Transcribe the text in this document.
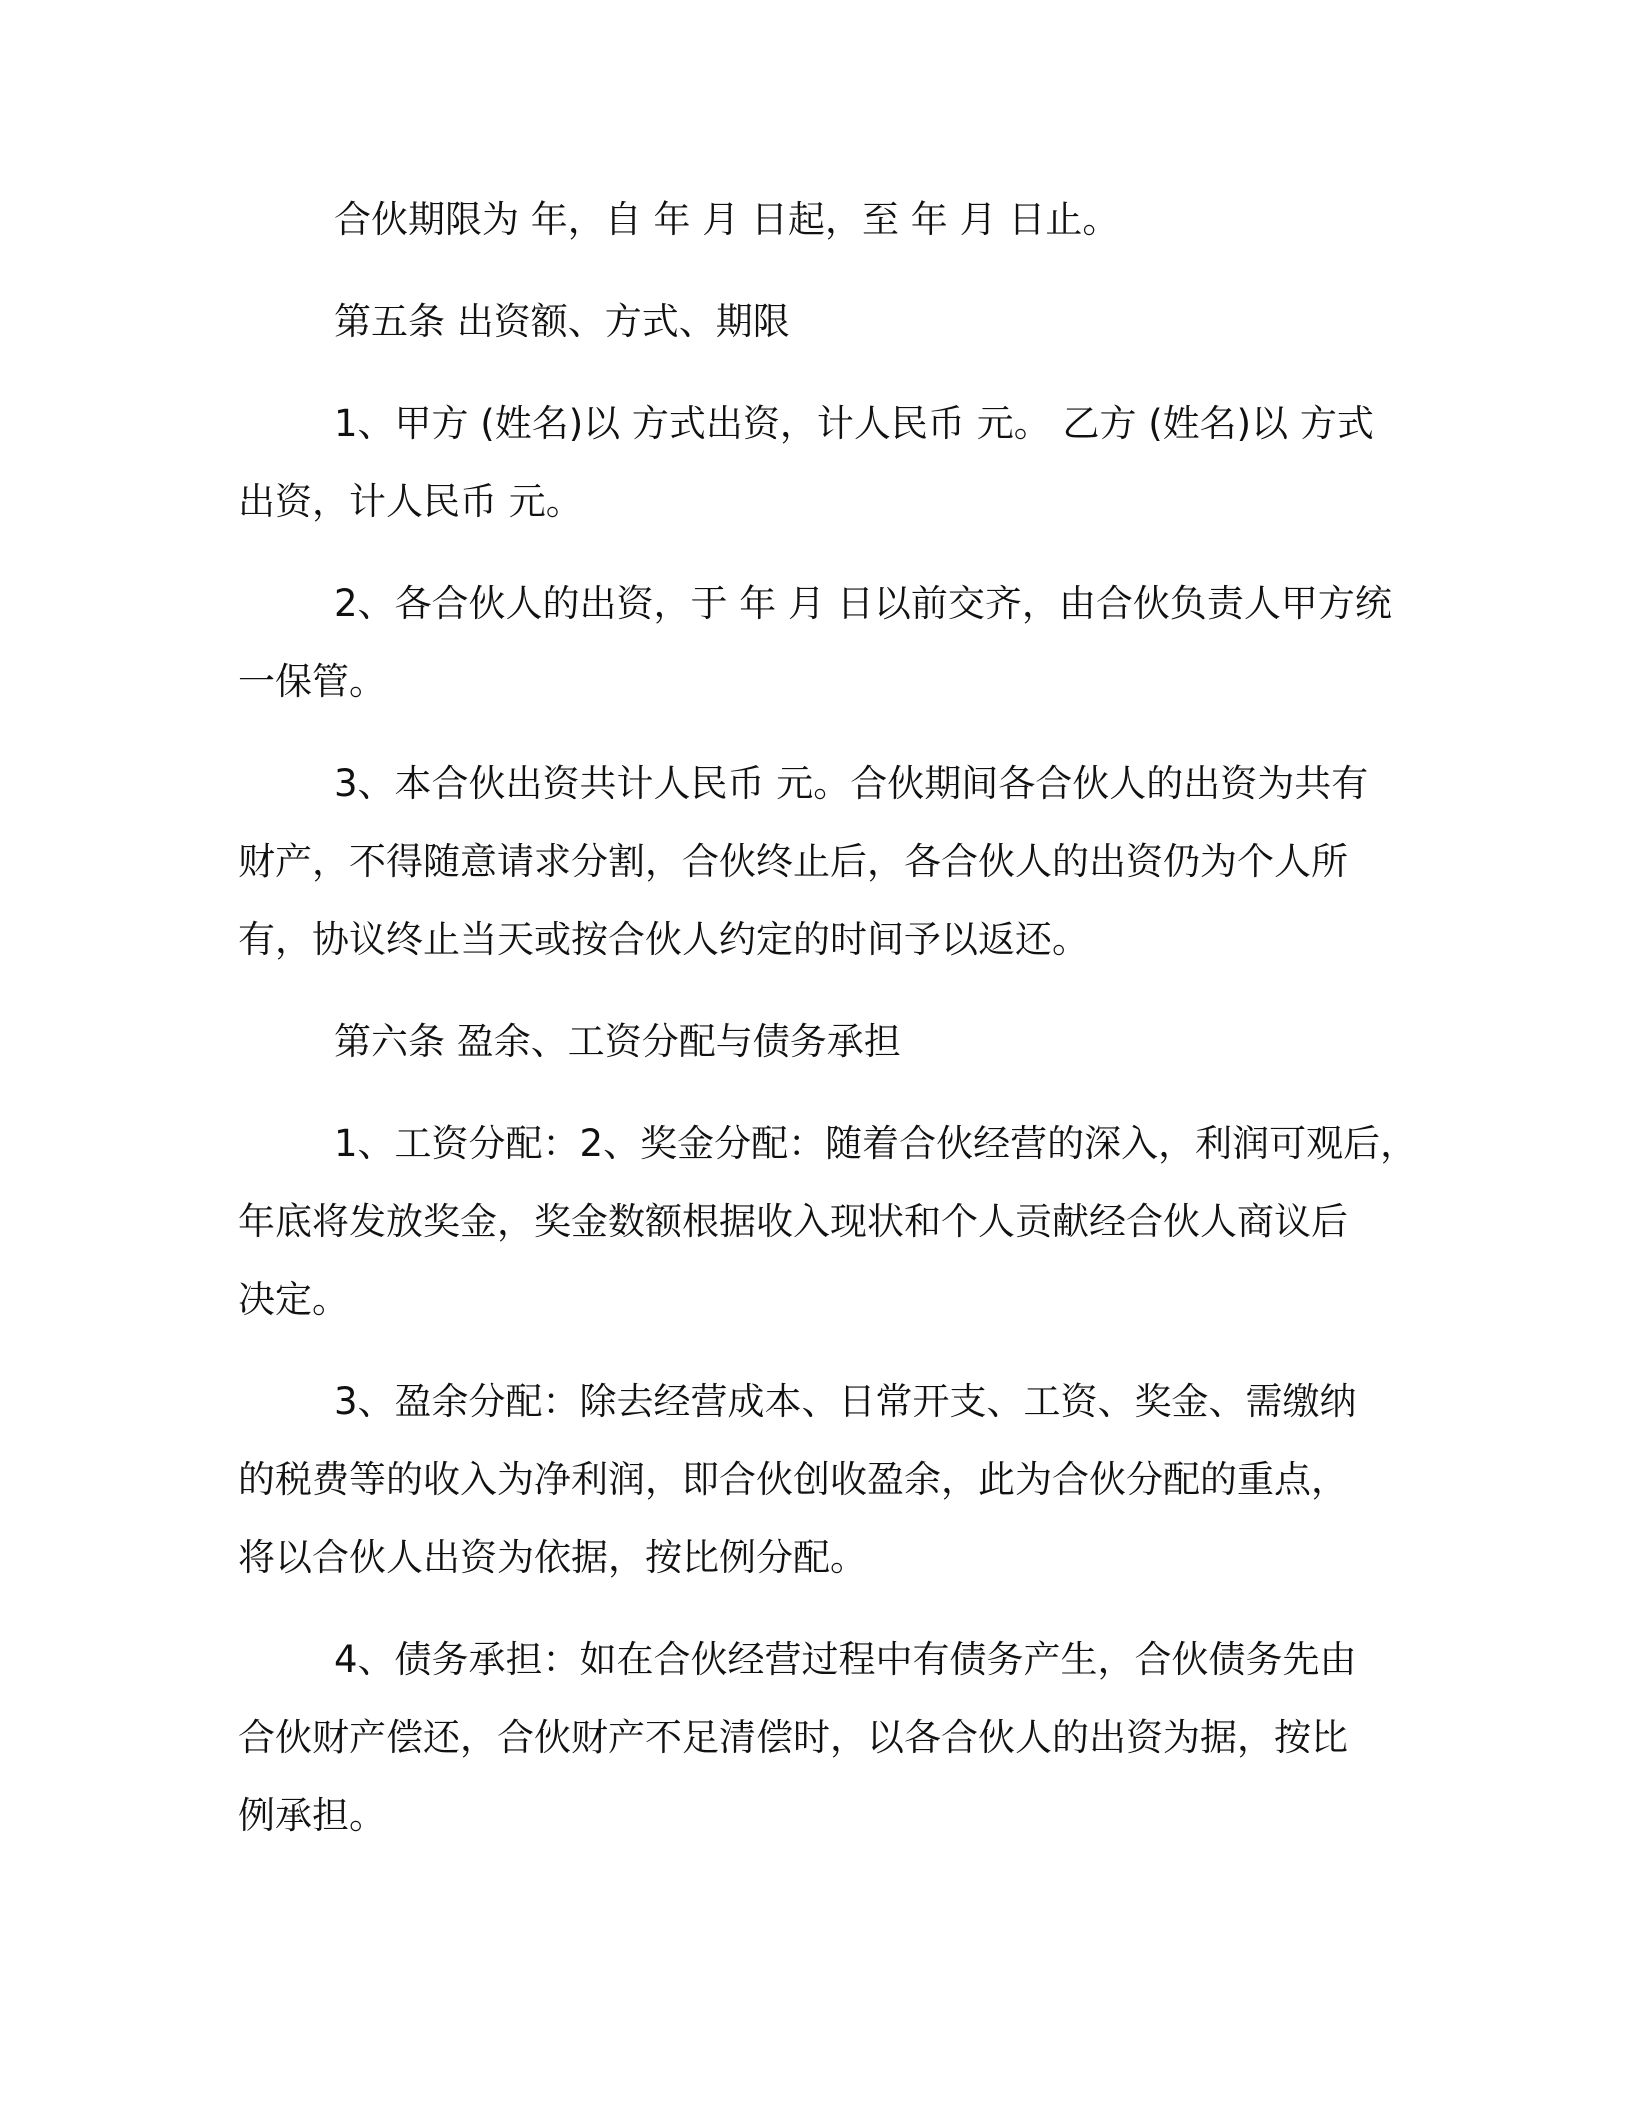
合伙期限为 年，自 年 月 日起，至 年 月 日止。
第五条 出资额、方式、期限
1、甲方 (姓名)以 方式出资，计人民币 元。 乙方 (姓名)以 方式
出资，计人民币 元。
2、各合伙人的出资，于 年 月 日以前交齐，由合伙负责人甲方统
一保管。
3、本合伙出资共计人民币 元。合伙期间各合伙人的出资为共有
财产，不得随意请求分割，合伙终止后，各合伙人的出资仍为个人所
有，协议终止当天或按合伙人约定的时间予以返还。
第六条 盈余、工资分配与债务承担
1、工资分配：2、奖金分配：随着合伙经营的深入，利润可观后，
年底将发放奖金，奖金数额根据收入现状和个人贡献经合伙人商议后
决定。
3、盈余分配：除去经营成本、日常开支、工资、奖金、需缴纳
的税费等的收入为净利润，即合伙创收盈余，此为合伙分配的重点，
将以合伙人出资为依据，按比例分配。
4、债务承担：如在合伙经营过程中有债务产生，合伙债务先由
合伙财产偿还，合伙财产不足清偿时，以各合伙人的出资为据，按比
例承担。
